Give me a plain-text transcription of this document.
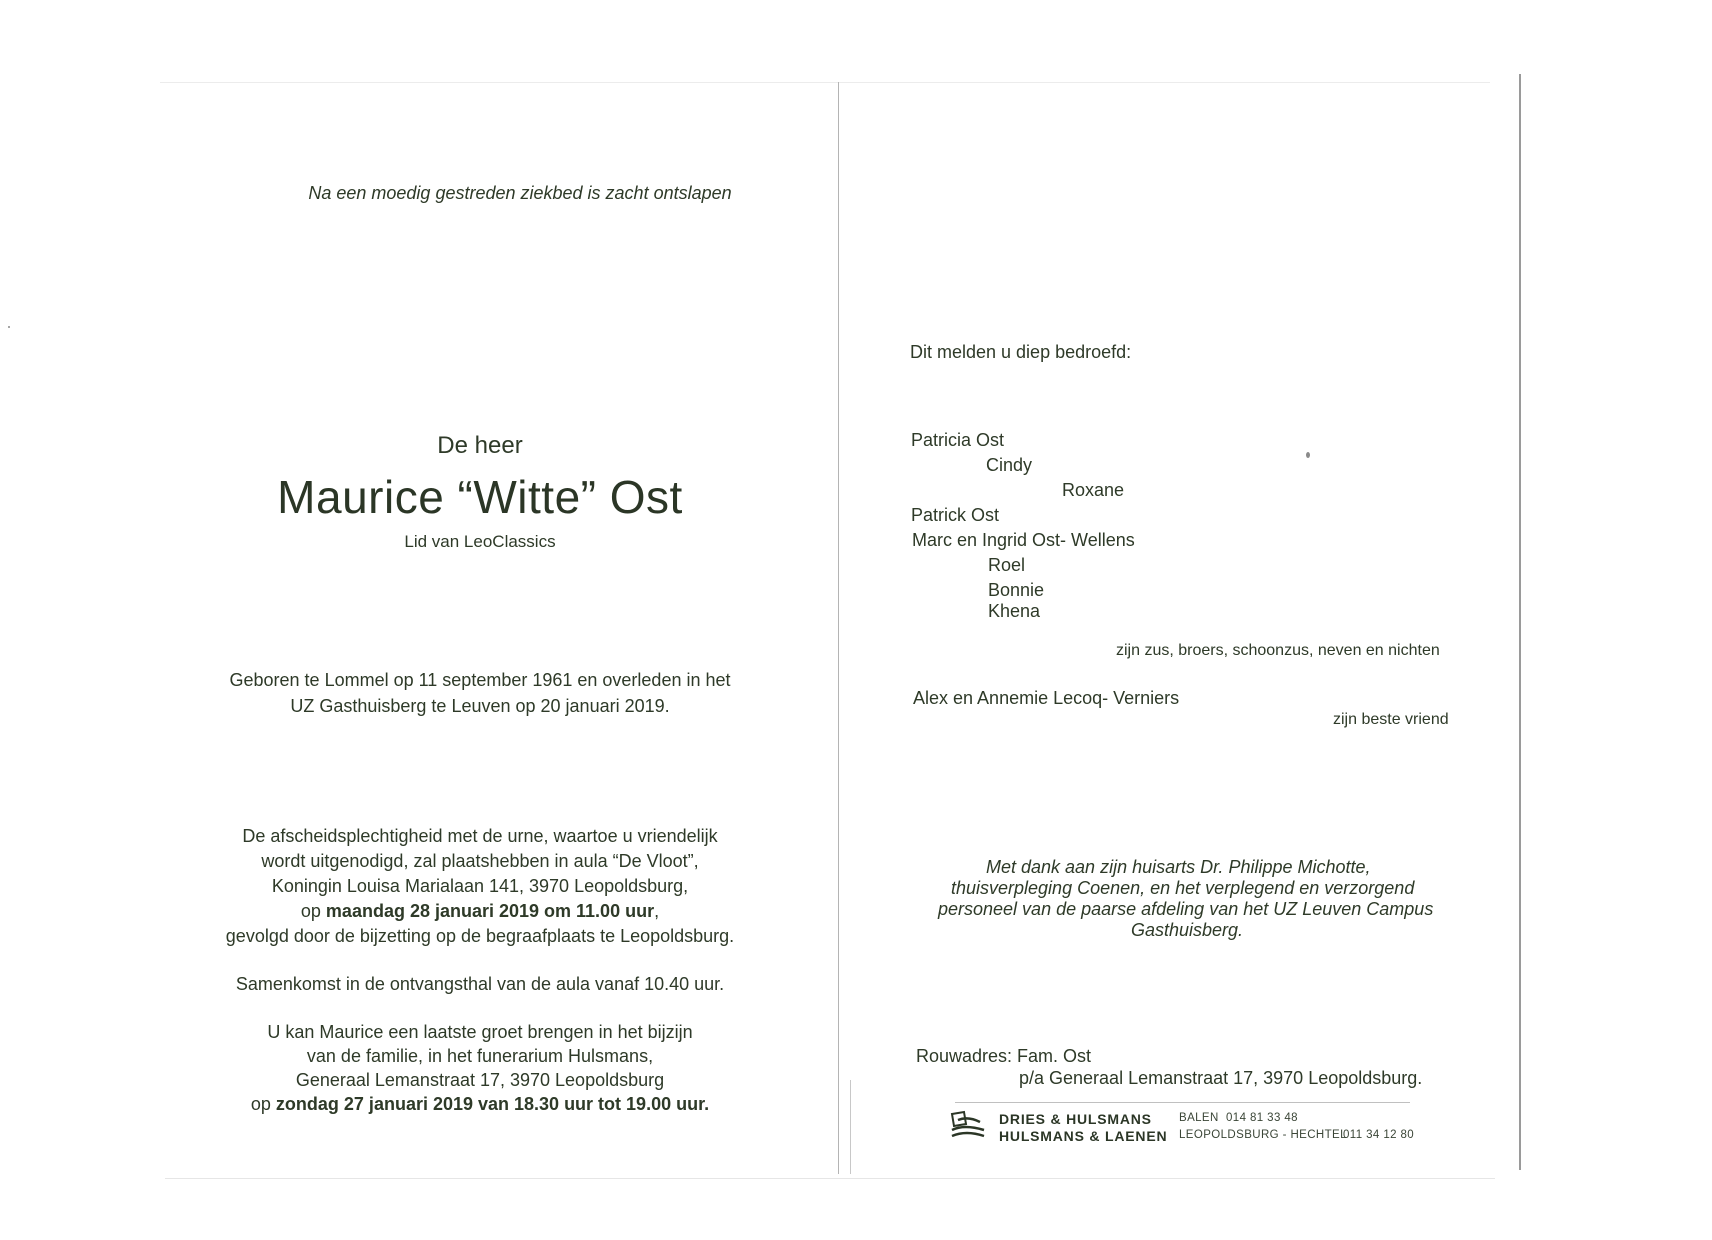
Na een moedig gestreden ziekbed is zacht ontslapen
De heer
Maurice “Witte” Ost
Lid van LeoClassics
Geboren te Lommel op 11 september 1961 en overleden in het
UZ Gasthuisberg te Leuven op 20 januari 2019.
De afscheidsplechtigheid met de urne, waartoe u vriendelijk
wordt uitgenodigd, zal plaatshebben in aula “De Vloot”,
Koningin Louisa Marialaan 141, 3970 Leopoldsburg,
op maandag 28 januari 2019 om 11.00 uur,
gevolgd door de bijzetting op de begraafplaats te Leopoldsburg.
Samenkomst in de ontvangsthal van de aula vanaf 10.40 uur.
U kan Maurice een laatste groet brengen in het bijzijn
van de familie, in het funerarium Hulsmans,
Generaal Lemanstraat 17, 3970 Leopoldsburg
op zondag 27 januari 2019 van 18.30 uur tot 19.00 uur.
Dit melden u diep bedroefd:
Patricia Ost
Cindy
Roxane
Patrick Ost
Marc en Ingrid Ost- Wellens
Roel
Bonnie
Khena
zijn zus, broers, schoonzus, neven en nichten
Alex en Annemie Lecoq- Verniers
zijn beste vriend
Met dank aan zijn huisarts Dr. Philippe Michotte,
thuisverpleging Coenen, en het verplegend en verzorgend
personeel van de paarse afdeling van het UZ Leuven Campus
Gasthuisberg.
Rouwadres: Fam. Ost
p/a Generaal Lemanstraat 17, 3970 Leopoldsburg.
DRIES & HULSMANS
HULSMANS & LAENEN
BALEN 014 81 33 48
LEOPOLDSBURG - HECHTEL
011 34 12 80
